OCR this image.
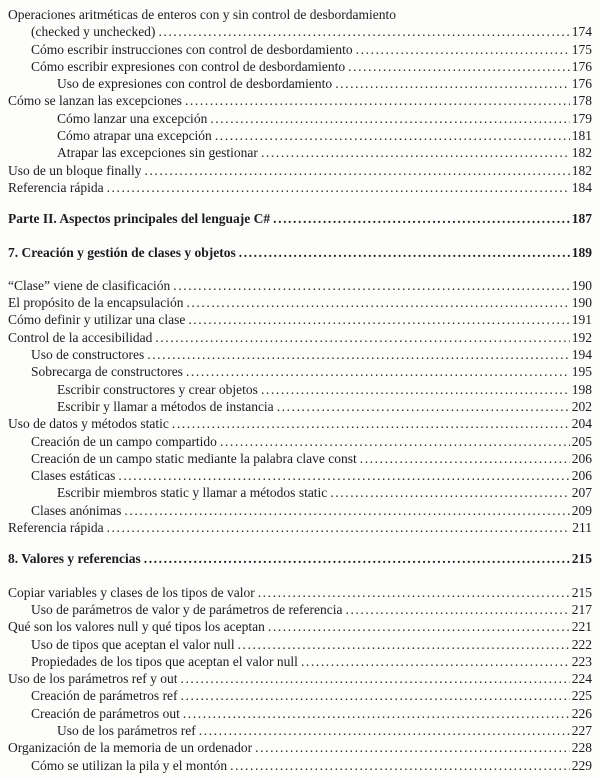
Operaciones aritméticas de enteros con y sin control de desbordamiento
(checked y unchecked) .....	174
Cómo escribir instrucciones con control de desbordamiento .....	175
Cómo escribir expresiones con control de desbordamiento .....	176
Uso de expresiones con control de desbordamiento .....	176
Cómo se lanzan las excepciones .....	178
Cómo lanzar una excepción .....	179
Cómo atrapar una excepción .....	181
Atrapar las excepciones sin gestionar .....	182
Uso de un bloque finally .....	182
Referencia rápida .....	184
Parte II. Aspectos principales del lenguaje C# .....	187
7. Creación y gestión de clases y objetos .....	189
“Clase” viene de clasificación .....	190
El propósito de la encapsulación .....	190
Cómo definir y utilizar una clase .....	191
Control de la accesibilidad .....	192
Uso de constructores .....	194
Sobrecarga de constructores .....	195
Escribir constructores y crear objetos .....	198
Escribir y llamar a métodos de instancia .....	202
Uso de datos y métodos static .....	204
Creación de un campo compartido .....	205
Creación de un campo static mediante la palabra clave const .....	206
Clases estáticas .....	206
Escribir miembros static y llamar a métodos static .....	207
Clases anónimas .....	209
Referencia rápida .....	211
8. Valores y referencias .....	215
Copiar variables y clases de los tipos de valor .....	215
Uso de parámetros de valor y de parámetros de referencia .....	217
Qué son los valores null y qué tipos los aceptan .....	221
Uso de tipos que aceptan el valor null .....	222
Propiedades de los tipos que aceptan el valor null .....	223
Uso de los parámetros ref y out .....	224
Creación de parámetros ref .....	225
Creación de parámetros out .....	226
Uso de los parámetros ref .....	227
Organización de la memoria de un ordenador .....	228
Cómo se utilizan la pila y el montón .....	229
